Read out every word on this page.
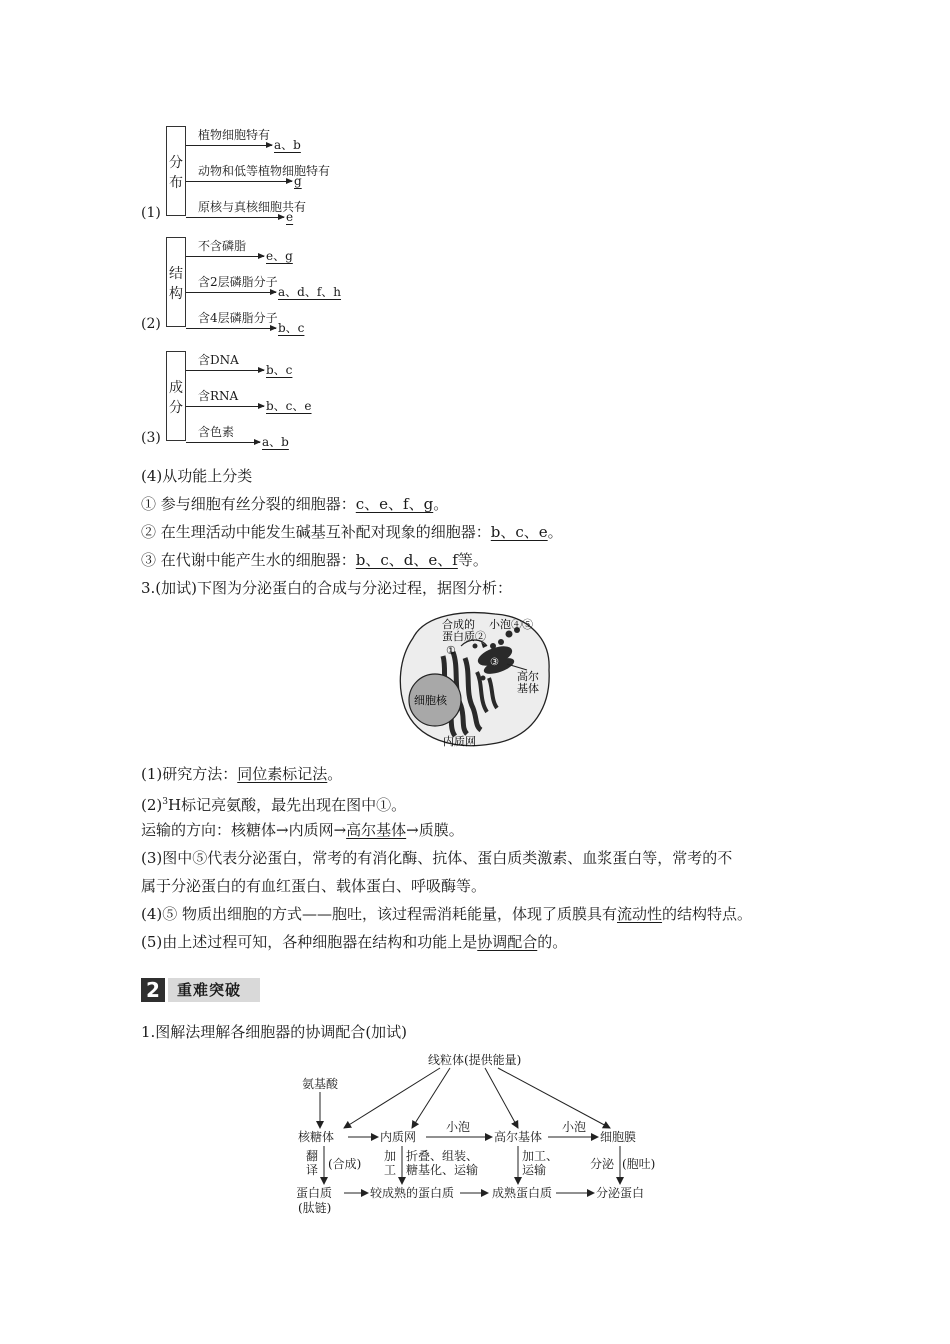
分
布
(1)
植物细胞特有
a、b
动物和低等植物细胞特有
g
原核与真核细胞共有
e
结
构
(2)
不含磷脂
e、g
含2层磷脂分子
a、d、f、h
含4层磷脂分子
b、c
成
分
(3)
含DNA
b、c
含RNA
b、c、e
含色素
a、b
(4)从功能上分类
① 参与细胞有丝分裂的细胞器：c、e、f、g。
② 在生理活动中能发生碱基互补配对现象的细胞器：b、c、e。
③ 在代谢中能产生水的细胞器：b、c、d、e、f等。
3.(加试)下图为分泌蛋白的合成与分泌过程，据图分析：
合成的
蛋白质②
小泡④⑤
①
③
高尔
基体
细胞核
内质网
(1)研究方法：同位素标记法。
$(2)^3H$标记亮氨酸，最先出现在图中①。
运输的方向：核糖体→内质网→高尔基体→质膜。
(3)图中⑤代表分泌蛋白，常考的有消化酶、抗体、蛋白质类激素、血浆蛋白等，常考的不
属于分泌蛋白的有血红蛋白、载体蛋白、呼吸酶等。
(4)⑤ 物质出细胞的方式——胞吐，该过程需消耗能量，体现了质膜具有流动性的结构特点。
(5)由上述过程可知，各种细胞器在结构和功能上是协调配合的。
2	重难突破
1.图解法理解各细胞器的协调配合(加试)
线粒体(提供能量)
氨基酸
核糖体	内质网	高尔基体	细胞膜
小泡	小泡
翻
译 (合成)
加
工
折叠、组装、
糖基化、运输
加工、
运输	分泌 (胞吐)
蛋白质
(肽链)
较成熟的蛋白质	成熟蛋白质	分泌蛋白
